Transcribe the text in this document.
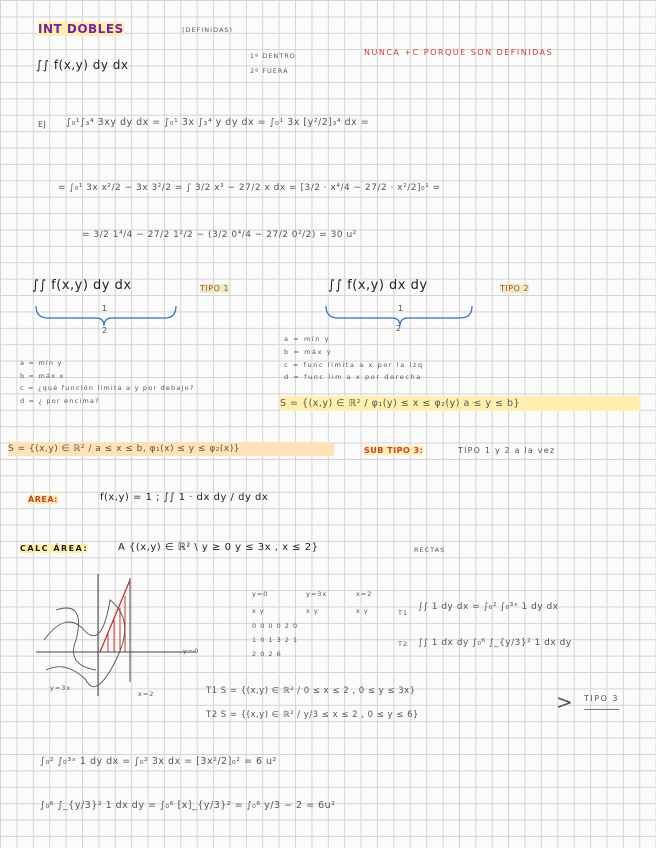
INT DOBLES	(DEFINIDAS)
∫∫ f(x,y) dy dx
1º DENTRO
2º FUERA
NUNCA +C PORQUE SON DEFINIDAS
EJ ∫₀¹∫₃⁴ 3xy dy dx = ∫₀¹ 3x ∫₃⁴ y dy dx = ∫₀¹ 3x [y²/2]₃⁴ dx =
= ∫₀¹ 3x x²/2 − 3x 3²/2 = ∫ 3/2 x³ − 27/2 x dx = [3/2 · x⁴/4 − 27/2 · x²/2]₀¹ =
= 3/2 1⁴/4 − 27/2 1²/2 − (3/2 0⁴/4 − 27/2 0²/2) = 30 u²
∫∫ f(x,y) dy dx	TIPO 1	∫∫ f(x,y) dx dy	TIPO 2
1
2
1
2
a = mín y
b = máx x
c = ¿qué función limita a y por debajo?
d = ¿ por encima?
a = mín y
b = máx y
c = func limita a x por la izq
d = func lim a x por derecha
S = {(x,y) ∈ ℝ² / φ₁(y) ≤ x ≤ φ₂(y) a ≤ y ≤ b}
S = {(x,y) ∈ ℝ² / a ≤ x ≤ b, φ₁(x) ≤ y ≤ φ₂(x)}	SUB TIPO 3:	TIPO 1 y 2 a la vez
ÁREA:	f(x,y) = 1 ; ∫∫ 1 · dx dy / dy dx
CALC ÁREA:	A {(x,y) ∈ ℝ² \ y ≥ 0 y ≤ 3x , x ≤ 2}	RECTAS
y=0
y=3x
x=2
y=0	y=3x	x=2
x y	x y	x y
0 0 0 0 2 0
1 0 1 3 2 1
2 0 2 6
T1
∫∫ 1 dy dx = ∫₀² ∫₀³ˣ 1 dy dx
T2 ∫∫ 1 dx dy ∫₀⁶ ∫_{y/3}² 1 dx dy
T1 S = {(x,y) ∈ ℝ² / 0 ≤ x ≤ 2 , 0 ≤ y ≤ 3x}
T2 S = {(x,y) ∈ ℝ² / y/3 ≤ x ≤ 2 , 0 ≤ y ≤ 6}
> TIPO 3
∫₀² ∫₀³ˣ 1 dy dx = ∫₀² 3x dx = [3x²/2]₀² = 6 u²
∫₀⁶ ∫_{y/3}² 1 dx dy = ∫₀⁶ [x]_{y/3}² = ∫₀⁶ y/3 − 2 = 6u²
